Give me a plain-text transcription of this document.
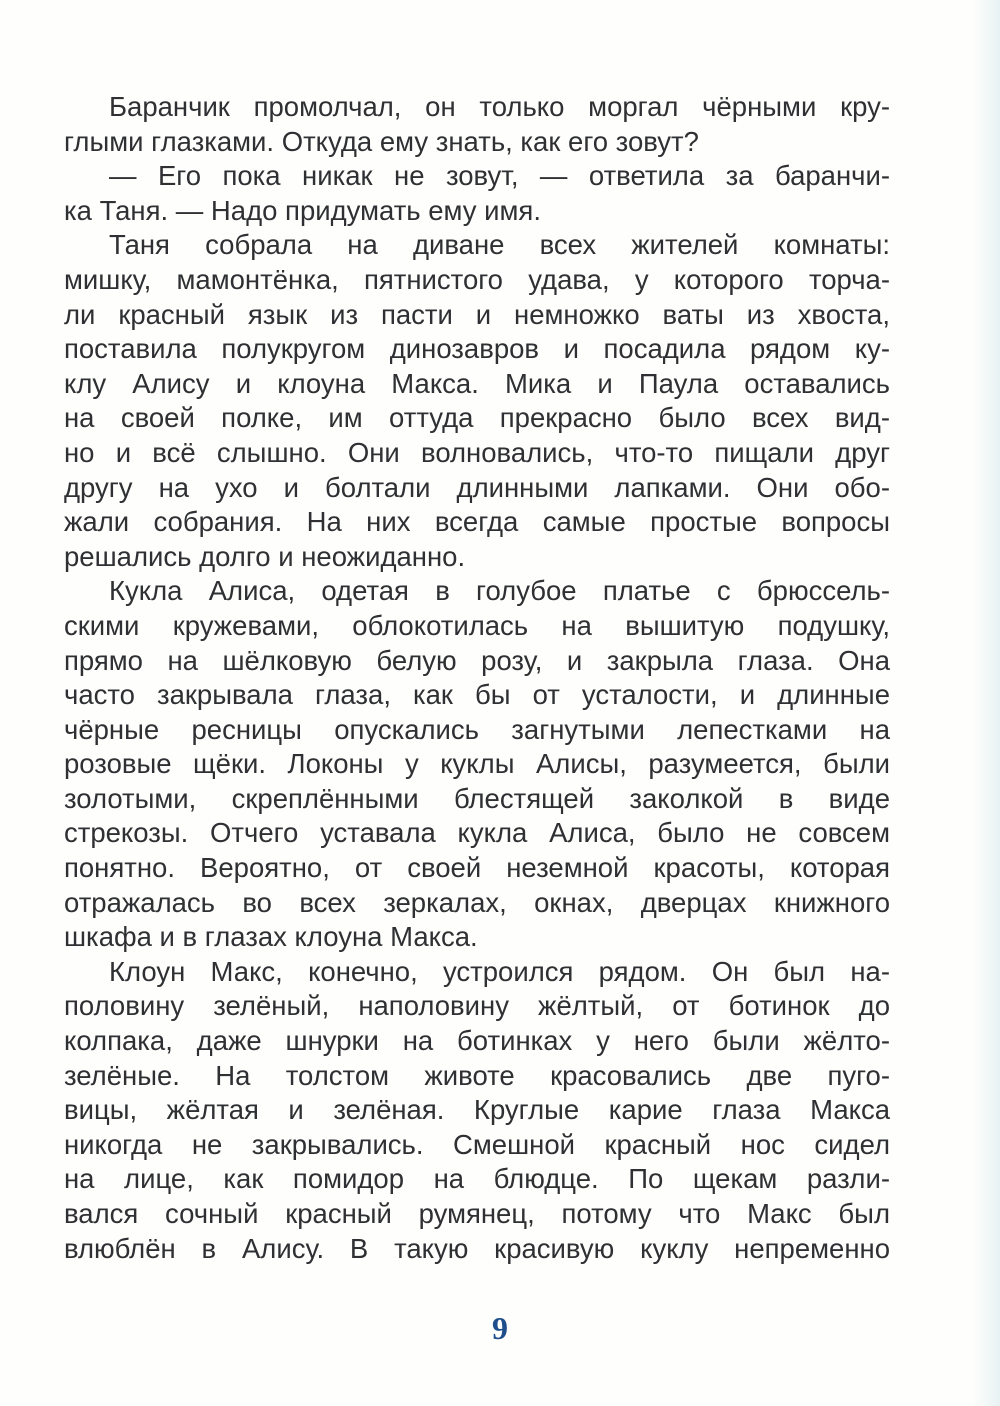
Баранчик промолчал, он только моргал чёрными кру-
глыми глазками. Откуда ему знать, как его зовут?
— Его пока никак не зовут, — ответила за баранчи-
ка Таня. — Надо придумать ему имя.
Таня собрала на диване всех жителей комнаты:
мишку, мамонтёнка, пятнистого удава, у которого торча-
ли красный язык из пасти и немножко ваты из хвоста,
поставила полукругом динозавров и посадила рядом ку-
клу Алису и клоуна Макса. Мика и Паула оставались
на своей полке, им оттуда прекрасно было всех вид-
но и всё слышно. Они волновались, что-то пищали друг
другу на ухо и болтали длинными лапками. Они обо-
жали собрания. На них всегда самые простые вопросы
решались долго и неожиданно.
Кукла Алиса, одетая в голубое платье с брюссель-
скими кружевами, облокотилась на вышитую подушку,
прямо на шёлковую белую розу, и закрыла глаза. Она
часто закрывала глаза, как бы от усталости, и длинные
чёрные ресницы опускались загнутыми лепестками на
розовые щёки. Локоны у куклы Алисы, разумеется, были
золотыми, скреплёнными блестящей заколкой в виде
стрекозы. Отчего уставала кукла Алиса, было не совсем
понятно. Вероятно, от своей неземной красоты, которая
отражалась во всех зеркалах, окнах, дверцах книжного
шкафа и в глазах клоуна Макса.
Клоун Макс, конечно, устроился рядом. Он был на-
половину зелёный, наполовину жёлтый, от ботинок до
колпака, даже шнурки на ботинках у него были жёлто-
зелёные. На толстом животе красовались две пуго-
вицы, жёлтая и зелёная. Круглые карие глаза Макса
никогда не закрывались. Смешной красный нос сидел
на лице, как помидор на блюдце. По щекам разли-
вался сочный красный румянец, потому что Макс был
влюблён в Алису. В такую красивую куклу непременно
9
